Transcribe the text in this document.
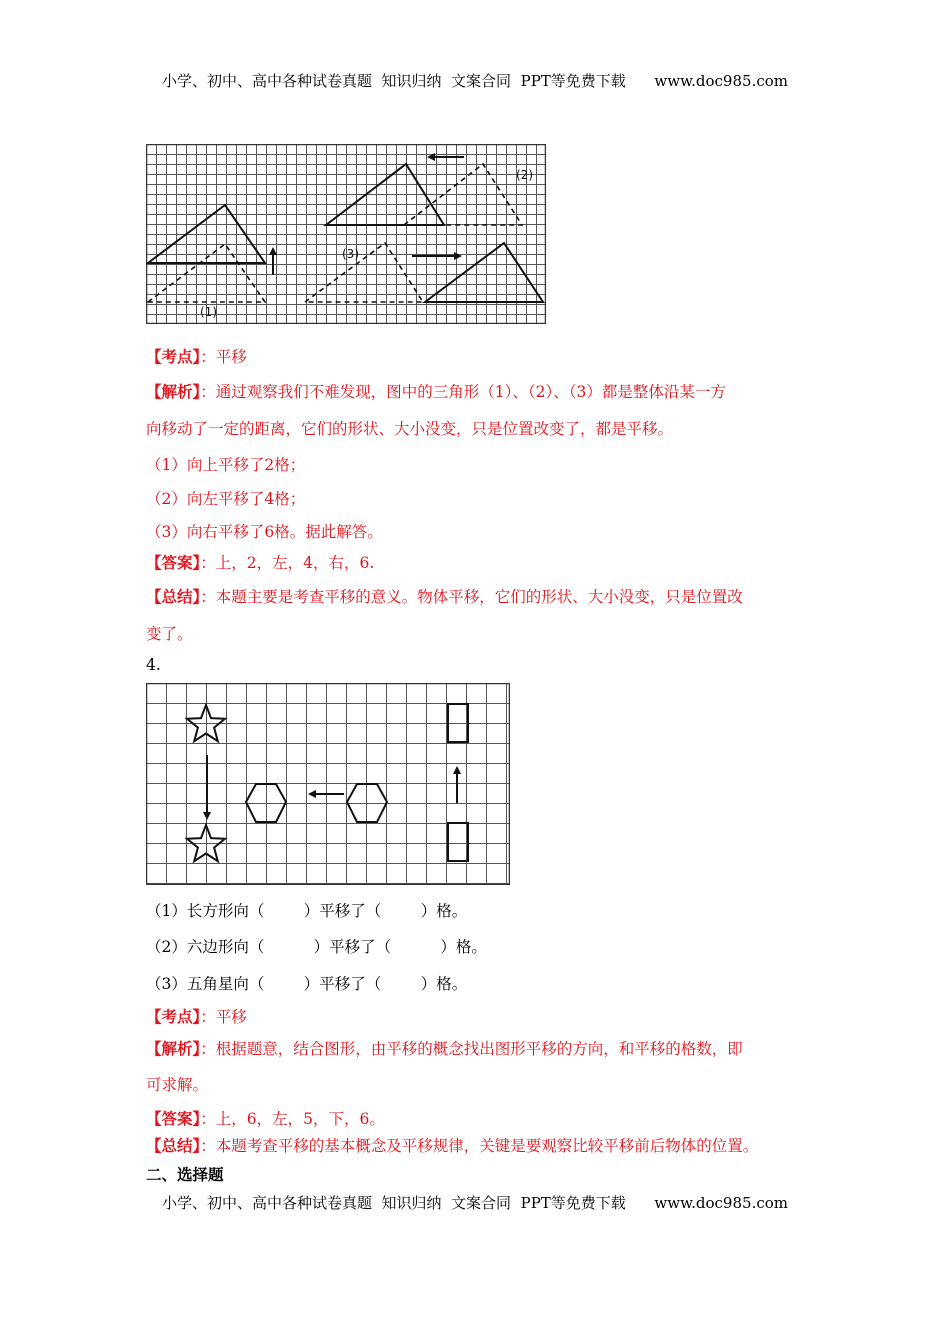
小学、初中、高中各种试卷真题  知识归纳  文案合同  PPT等免费下载      www.doc985.com
(1)
(2)
(3)
【考点】：平移
【解析】：通过观察我们不难发现，图中的三角形（1）、（2）、（3）都是整体沿某一方
向移动了一定的距离，它们的形状、大小没变，只是位置改变了，都是平移。
（1）向上平移了2格；
（2）向左平移了4格；
（3）向右平移了6格。据此解答。
【答案】：上，2，左，4，右，6.
【总结】：本题主要是考查平移的意义。物体平移，它们的形状、大小没变，只是位置改
变了。
4.
（1）长方形向（        ）平移了（        ）格。
（2）六边形向（          ）平移了（          ）格。
（3）五角星向（        ）平移了（        ）格。
【考点】：平移
【解析】：根据题意，结合图形，由平移的概念找出图形平移的方向，和平移的格数，即
可求解。
【答案】：上，6，左，5，下，6。
【总结】：本题考查平移的基本概念及平移规律，关键是要观察比较平移前后物体的位置。
二、选择题
小学、初中、高中各种试卷真题  知识归纳  文案合同  PPT等免费下载      www.doc985.com
